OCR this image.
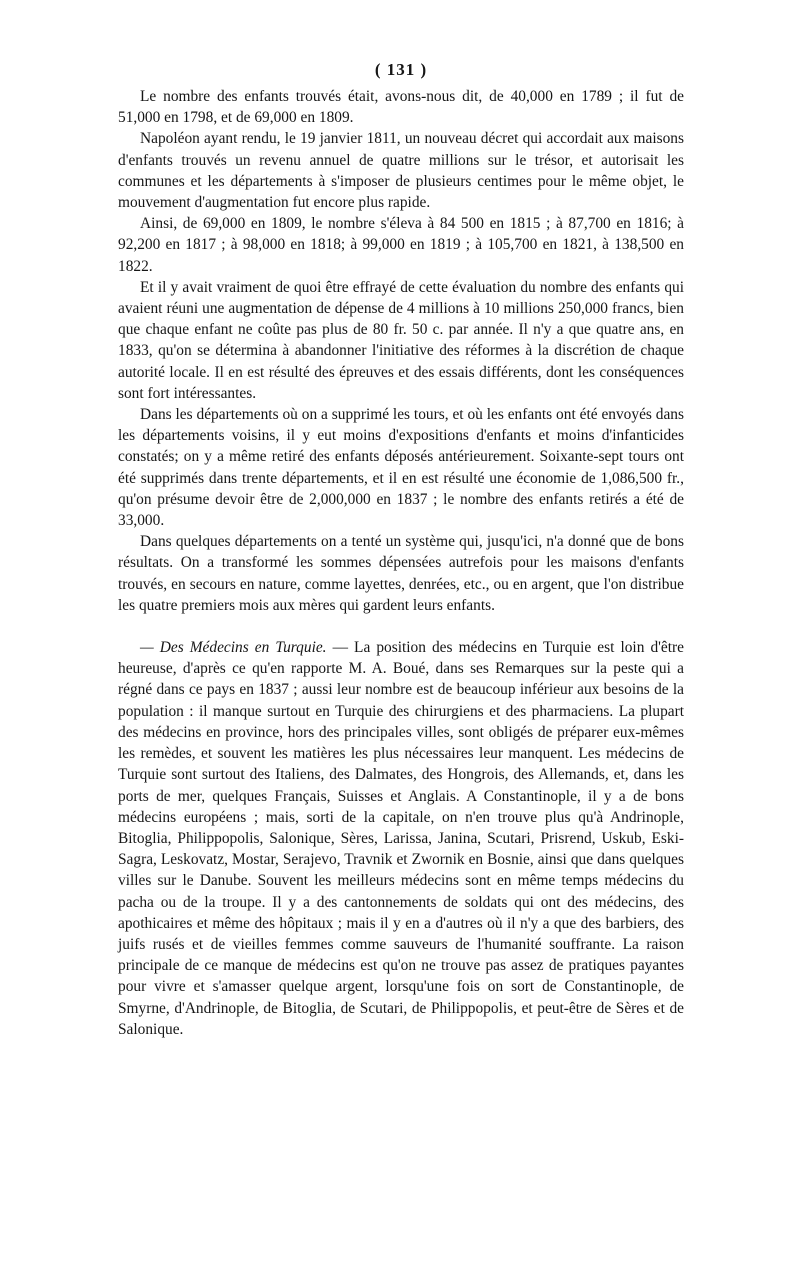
( 131 )

Le nombre des enfants trouvés était, avons-nous dit, de 40,000 en 1789 ; il fut de 51,000 en 1798, et de 69,000 en 1809.

Napoléon ayant rendu, le 19 janvier 1811, un nouveau décret qui accordait aux maisons d'enfants trouvés un revenu annuel de quatre millions sur le trésor, et autorisait les communes et les départements à s'imposer de plusieurs centimes pour le même objet, le mouvement d'augmentation fut encore plus rapide.

Ainsi, de 69,000 en 1809, le nombre s'éleva à 84 500 en 1815 ; à 87,700 en 1816; à 92,200 en 1817 ; à 98,000 en 1818; à 99,000 en 1819 ; à 105,700 en 1821, à 138,500 en 1822.

Et il y avait vraiment de quoi être effrayé de cette évaluation du nombre des enfants qui avaient réuni une augmentation de dépense de 4 millions à 10 millions 250,000 francs, bien que chaque enfant ne coûte pas plus de 80 fr. 50 c. par année. Il n'y a que quatre ans, en 1833, qu'on se détermina à abandonner l'initiative des réformes à la discrétion de chaque autorité locale. Il en est résulté des épreuves et des essais différents, dont les conséquences sont fort intéressantes.

Dans les départements où on a supprimé les tours, et où les enfants ont été envoyés dans les départements voisins, il y eut moins d'expositions d'enfants et moins d'infanticides constatés; on y a même retiré des enfants déposés antérieurement. Soixante-sept tours ont été supprimés dans trente départements, et il en est résulté une économie de 1,086,500 fr., qu'on présume devoir être de 2,000,000 en 1837 ; le nombre des enfants retirés a été de 33,000.

Dans quelques départements on a tenté un système qui, jusqu'ici, n'a donné que de bons résultats. On a transformé les sommes dépensées autrefois pour les maisons d'enfants trouvés, en secours en nature, comme layettes, denrées, etc., ou en argent, que l'on distribue les quatre premiers mois aux mères qui gardent leurs enfants.

— Des Médecins en Turquie. — La position des médecins en Turquie est loin d'être heureuse, d'après ce qu'en rapporte M. A. Boué, dans ses Remarques sur la peste qui a régné dans ce pays en 1837 ; aussi leur nombre est de beaucoup inférieur aux besoins de la population : il manque surtout en Turquie des chirurgiens et des pharmaciens. La plupart des médecins en province, hors des principales villes, sont obligés de préparer eux-mêmes les remèdes, et souvent les matières les plus nécessaires leur manquent. Les médecins de Turquie sont surtout des Italiens, des Dalmates, des Hongrois, des Allemands, et, dans les ports de mer, quelques Français, Suisses et Anglais. A Constantinople, il y a de bons médecins européens ; mais, sorti de la capitale, on n'en trouve plus qu'à Andrinople, Bitoglia, Philippopolis, Salonique, Sères, Larissa, Janina, Scutari, Prisrend, Uskub, Eski-Sagra, Leskovatz, Mostar, Serajevo, Travnik et Zwornik en Bosnie, ainsi que dans quelques villes sur le Danube. Souvent les meilleurs médecins sont en même temps médecins du pacha ou de la troupe. Il y a des cantonnements de soldats qui ont des médecins, des apothicaires et même des hôpitaux ; mais il y en a d'autres où il n'y a que des barbiers, des juifs rusés et de vieilles femmes comme sauveurs de l'humanité souffrante. La raison principale de ce manque de médecins est qu'on ne trouve pas assez de pratiques payantes pour vivre et s'amasser quelque argent, lorsqu'une fois on sort de Constantinople, de Smyrne, d'Andrinople, de Bitoglia, de Scutari, de Philippopolis, et peut-être de Sères et de Salonique.
